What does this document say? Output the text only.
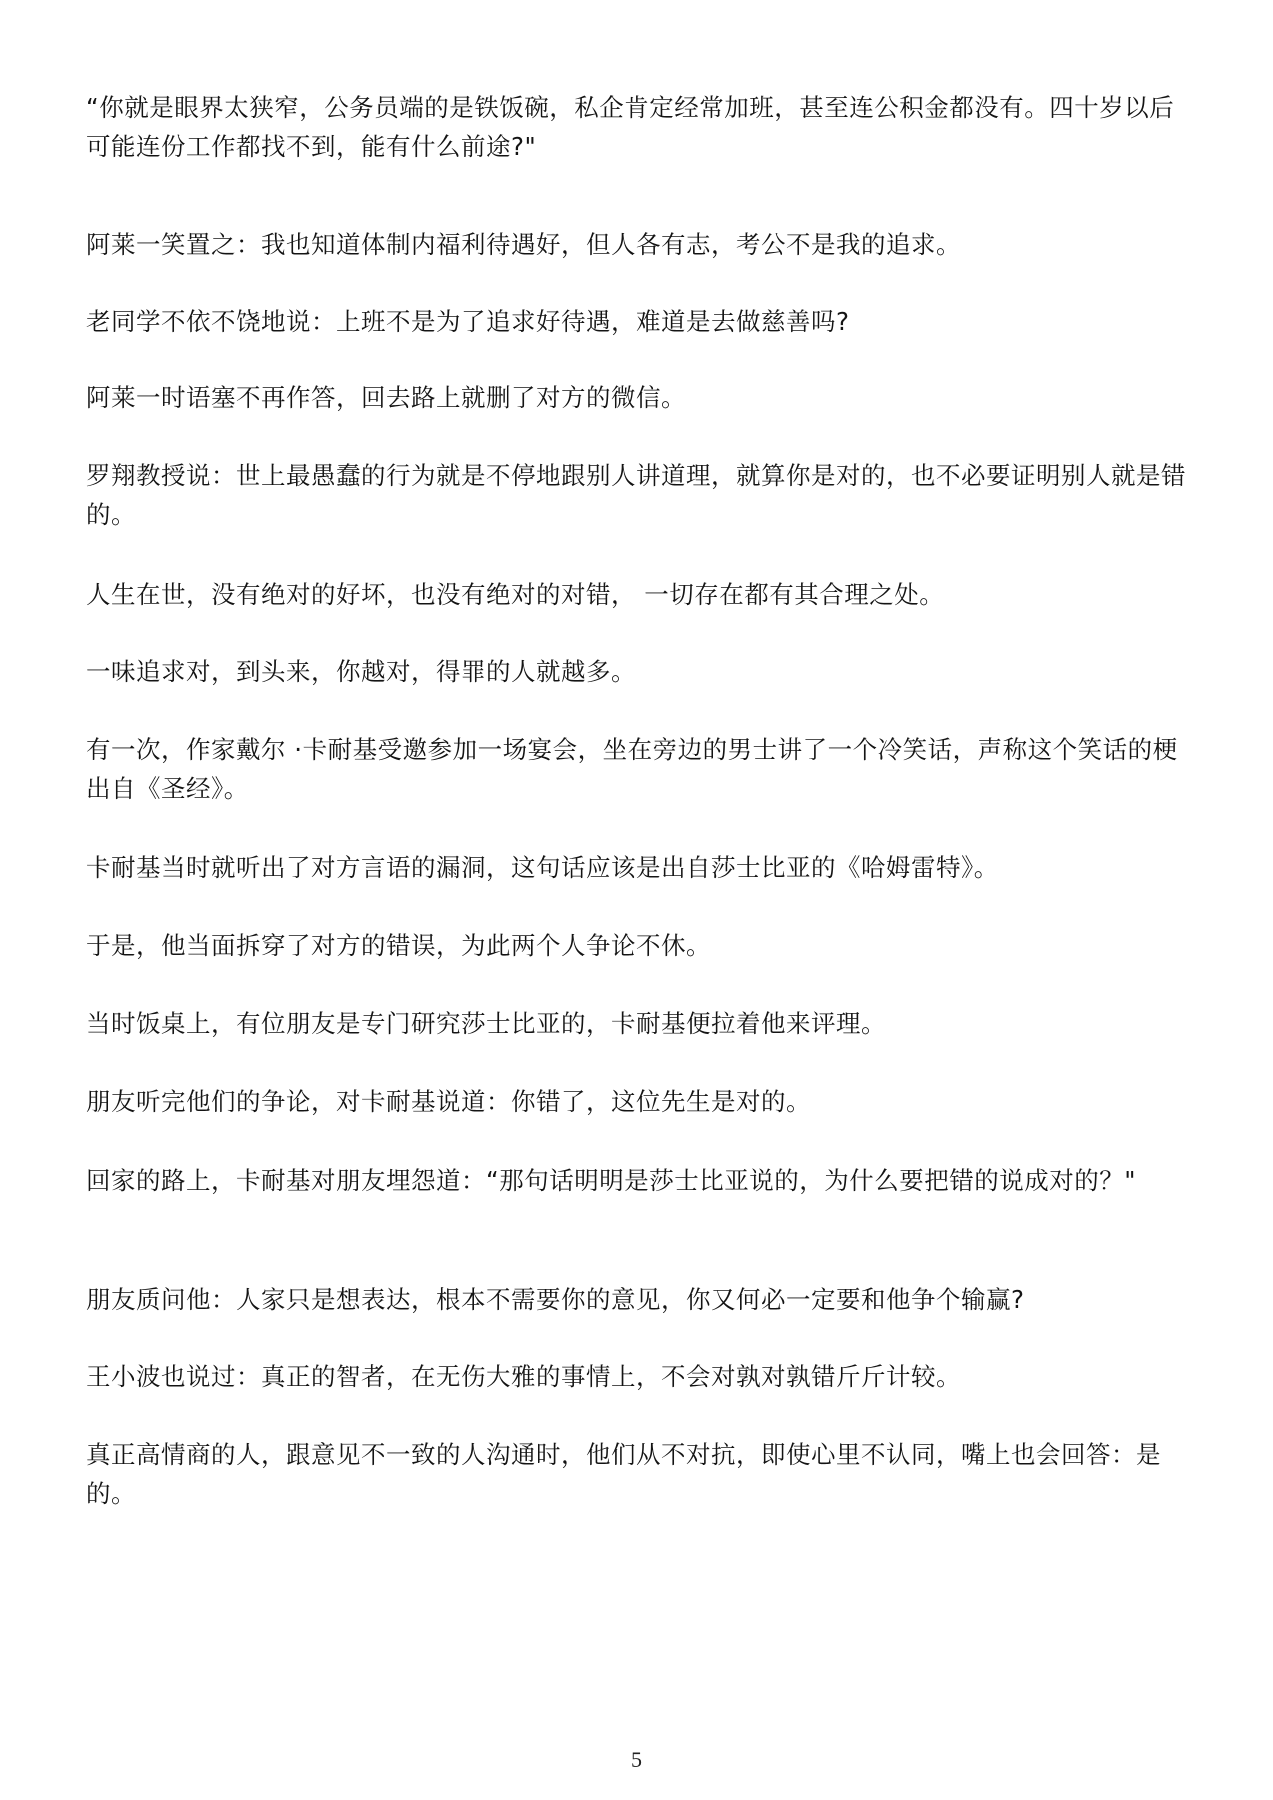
“你就是眼界太狭窄，公务员端的是铁饭碗，私企肯定经常加班，甚至连公积金都没有。四十岁以后可能连份工作都找不到，能有什么前途?"

阿莱一笑置之：我也知道体制内福利待遇好，但人各有志，考公不是我的追求。

老同学不依不饶地说：上班不是为了追求好待遇，难道是去做慈善吗?

阿莱一时语塞不再作答，回去路上就删了对方的微信。

罗翔教授说：世上最愚蠢的行为就是不停地跟别人讲道理，就算你是对的，也不必要证明别人就是错的。

人生在世，没有绝对的好坏，也没有绝对的对错， 一切存在都有其合理之处。

一味追求对，到头来，你越对，得罪的人就越多。

有一次，作家戴尔 ·卡耐基受邀参加一场宴会，坐在旁边的男士讲了一个冷笑话，声称这个笑话的梗出自《圣经》。

卡耐基当时就听出了对方言语的漏洞，这句话应该是出自莎士比亚的《哈姆雷特》。

于是，他当面拆穿了对方的错误，为此两个人争论不休。

当时饭桌上，有位朋友是专门研究莎士比亚的，卡耐基便拉着他来评理。

朋友听完他们的争论，对卡耐基说道：你错了，这位先生是对的。

回家的路上，卡耐基对朋友埋怨道：“那句话明明是莎士比亚说的，为什么要把错的说成对的？"

朋友质问他：人家只是想表达，根本不需要你的意见，你又何必一定要和他争个输赢?

王小波也说过：真正的智者，在无伤大雅的事情上，不会对孰对孰错斤斤计较。

真正高情商的人，跟意见不一致的人沟通时，他们从不对抗，即使心里不认同，嘴上也会回答：是的。

5
